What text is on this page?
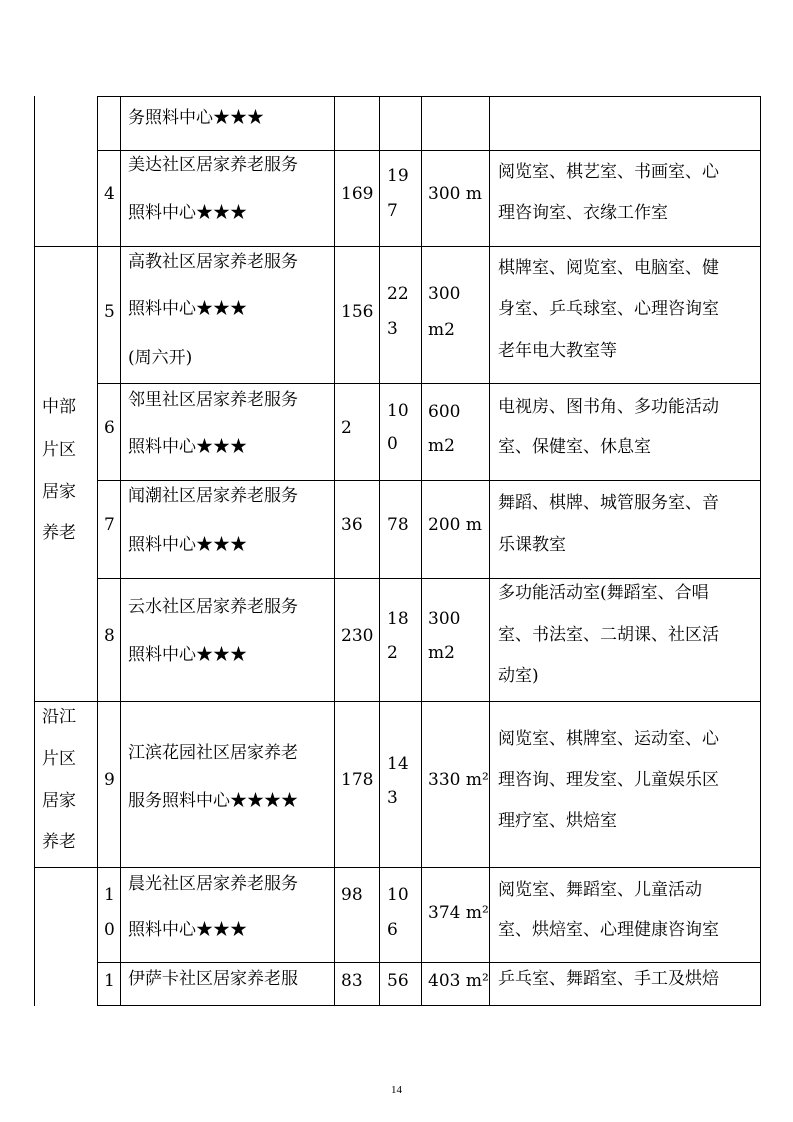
务照料中心★★★
4
美达社区居家养老服务
照料中心★★★
169
19
7
300 m
阅览室、棋艺室、书画室、心
理咨询室、衣缘工作室
5
高教社区居家养老服务
照料中心★★★
(周六开)
156
22
3
300
m2
棋牌室、阅览室、电脑室、健
身室、乒乓球室、心理咨询室
老年电大教室等
6
邻里社区居家养老服务
照料中心★★★
2
10
0
600
m2
电视房、图书角、多功能活动
室、保健室、休息室
7
闻潮社区居家养老服务
照料中心★★★
36 78 200 m
舞蹈、棋牌、城管服务室、音
乐课教室
8
云水社区居家养老服务
照料中心★★★
230
18
2
300
m2
多功能活动室(舞蹈室、合唱
室、书法室、二胡课、社区活
动室)
9
江滨花园社区居家养老
服务照料中心★★★★
178
14
3
330 m²
阅览室、棋牌室、运动室、心
理咨询、理发室、儿童娱乐区
理疗室、烘焙室
1
0
晨光社区居家养老服务
照料中心★★★
98 10
6
374 m²
阅览室、舞蹈室、儿童活动
室、烘焙室、心理健康咨询室
1 伊萨卡社区居家养老服	83 56 403 m² 乒乓室、舞蹈室、手工及烘焙
中部
片区
居家
养老
沿江
片区
居家
养老
14
